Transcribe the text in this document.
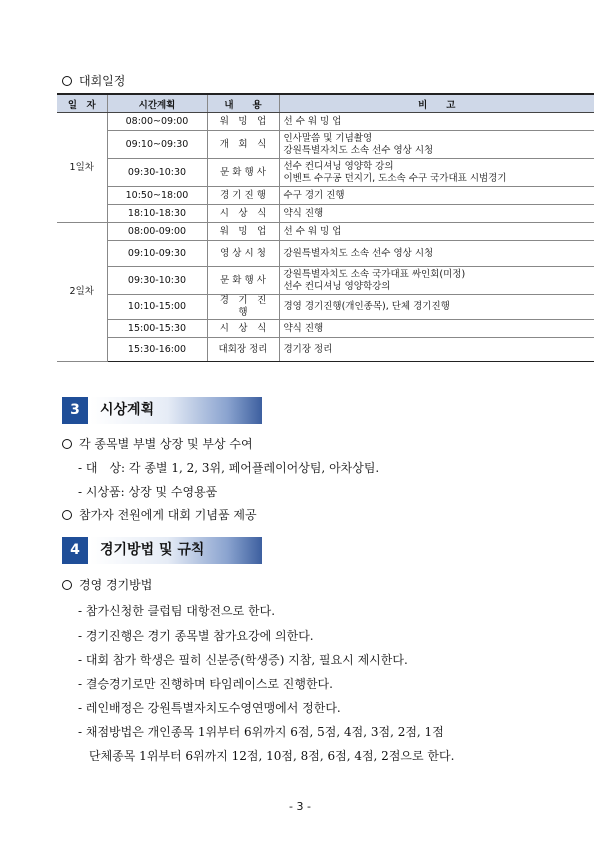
대회일정
일　자	시간계획	내　　용	비　　고
1일차	08:00~09:00	워　밍　업	선 수 워 밍 업

	09:10~09:30	개　회　식	인사말씀 및 기념촬영
강원특별자치도 소속 선수 영상 시청

	09:30-10:30	문 화 행 사	선수 컨디셔닝 영양학 강의
이벤트 수구공 던지기, 도소속 수구 국가대표 시범경기

	10:50~18:00	경 기 진 행	수구 경기 진행

	18:10-18:30	시　상　식	약식 진행

2일차	08:00-09:00	워　밍　업	선 수 워 밍 업

	09:10-09:30	영 상 시 청	강원특별자치도 소속 선수 영상 시청

	09:30-10:30	문 화 행 사	강원특별자치도 소속 국가대표 싸인회(미정)
선수 컨디셔닝 영양학강의

	10:10-15:00	경　기　진　행	경영 경기진행(개인종목), 단체 경기진행

	15:00-15:30	시　상　식	약식 진행

	15:30-16:00	대회장 정리	경기장 정리
3	시상계획
각 종목별 부별 상장 및 부상 수여
- 대　상: 각 종별 1, 2, 3위, 페어플레이어상팀, 아차상팀.
- 시상품: 상장 및 수영용품
참가자 전원에게 대회 기념품 제공
4	경기방법 및 규칙
경영 경기방법
- 참가신청한 클럽팀 대항전으로 한다.
- 경기진행은 경기 종목별 참가요강에 의한다.
- 대회 참가 학생은 필히 신분증(학생증) 지참, 필요시 제시한다.
- 결승경기로만 진행하며 타임레이스로 진행한다.
- 레인배정은 강원특별자치도수영연맹에서 정한다.
- 채점방법은 개인종목 1위부터 6위까지 6점, 5점, 4점, 3점, 2점, 1점
단체종목 1위부터 6위까지 12점, 10점, 8점, 6점, 4점, 2점으로 한다.
- 3 -
